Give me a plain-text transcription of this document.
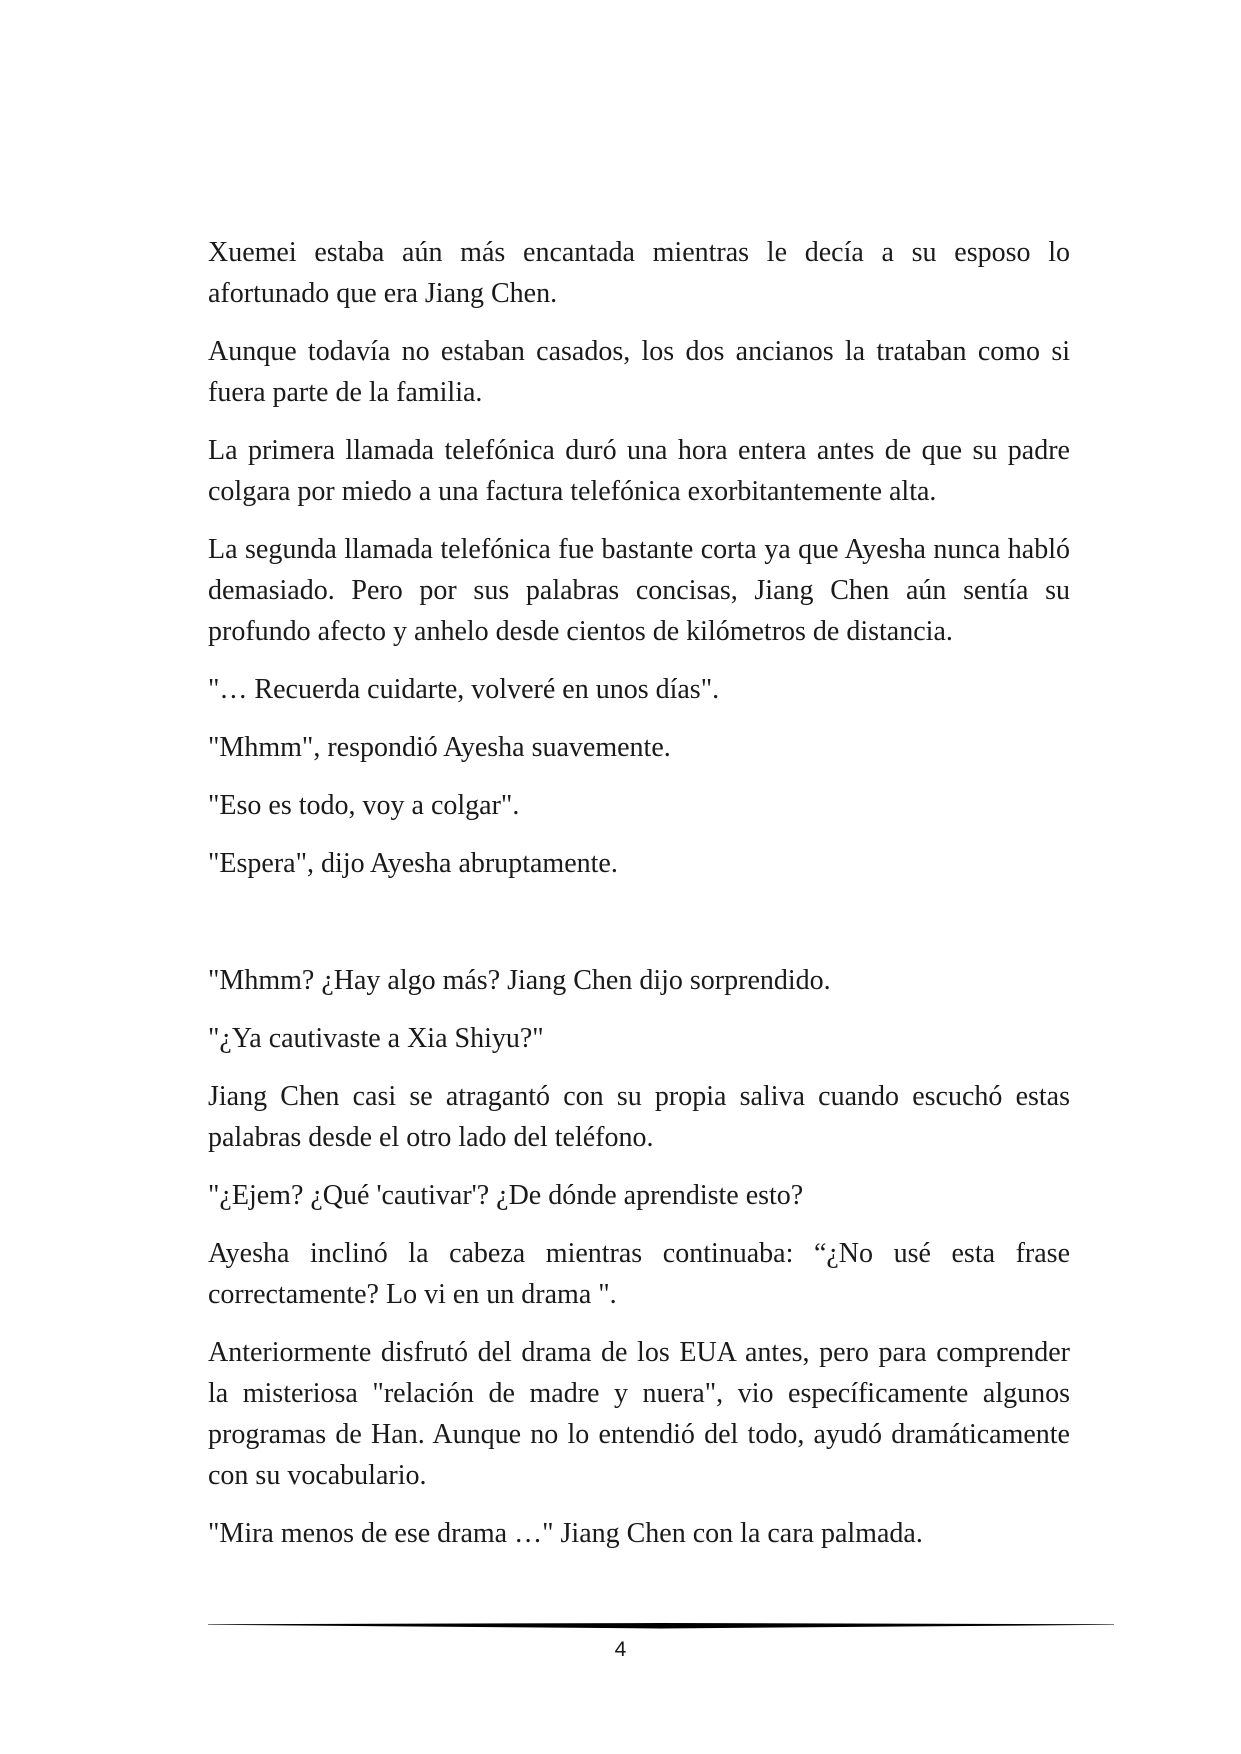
Xuemei estaba aún más encantada mientras le decía a su esposo lo afortunado que era Jiang Chen.

Aunque todavía no estaban casados, los dos ancianos la trataban como si fuera parte de la familia.

La primera llamada telefónica duró una hora entera antes de que su padre colgara por miedo a una factura telefónica exorbitantemente alta.

La segunda llamada telefónica fue bastante corta ya que Ayesha nunca habló demasiado. Pero por sus palabras concisas, Jiang Chen aún sentía su profundo afecto y anhelo desde cientos de kilómetros de distancia.

"… Recuerda cuidarte, volveré en unos días".

"Mhmm", respondió Ayesha suavemente.

"Eso es todo, voy a colgar".

"Espera", dijo Ayesha abruptamente.

"Mhmm? ¿Hay algo más? Jiang Chen dijo sorprendido.

"¿Ya cautivaste a Xia Shiyu?"

Jiang Chen casi se atragantó con su propia saliva cuando escuchó estas palabras desde el otro lado del teléfono.

"¿Ejem? ¿Qué 'cautivar'? ¿De dónde aprendiste esto?

Ayesha inclinó la cabeza mientras continuaba: “¿No usé esta frase correctamente? Lo vi en un drama ".

Anteriormente disfrutó del drama de los EUA antes, pero para comprender la misteriosa "relación de madre y nuera", vio específicamente algunos programas de Han. Aunque no lo entendió del todo, ayudó dramáticamente con su vocabulario.

"Mira menos de ese drama …" Jiang Chen con la cara palmada.

4
